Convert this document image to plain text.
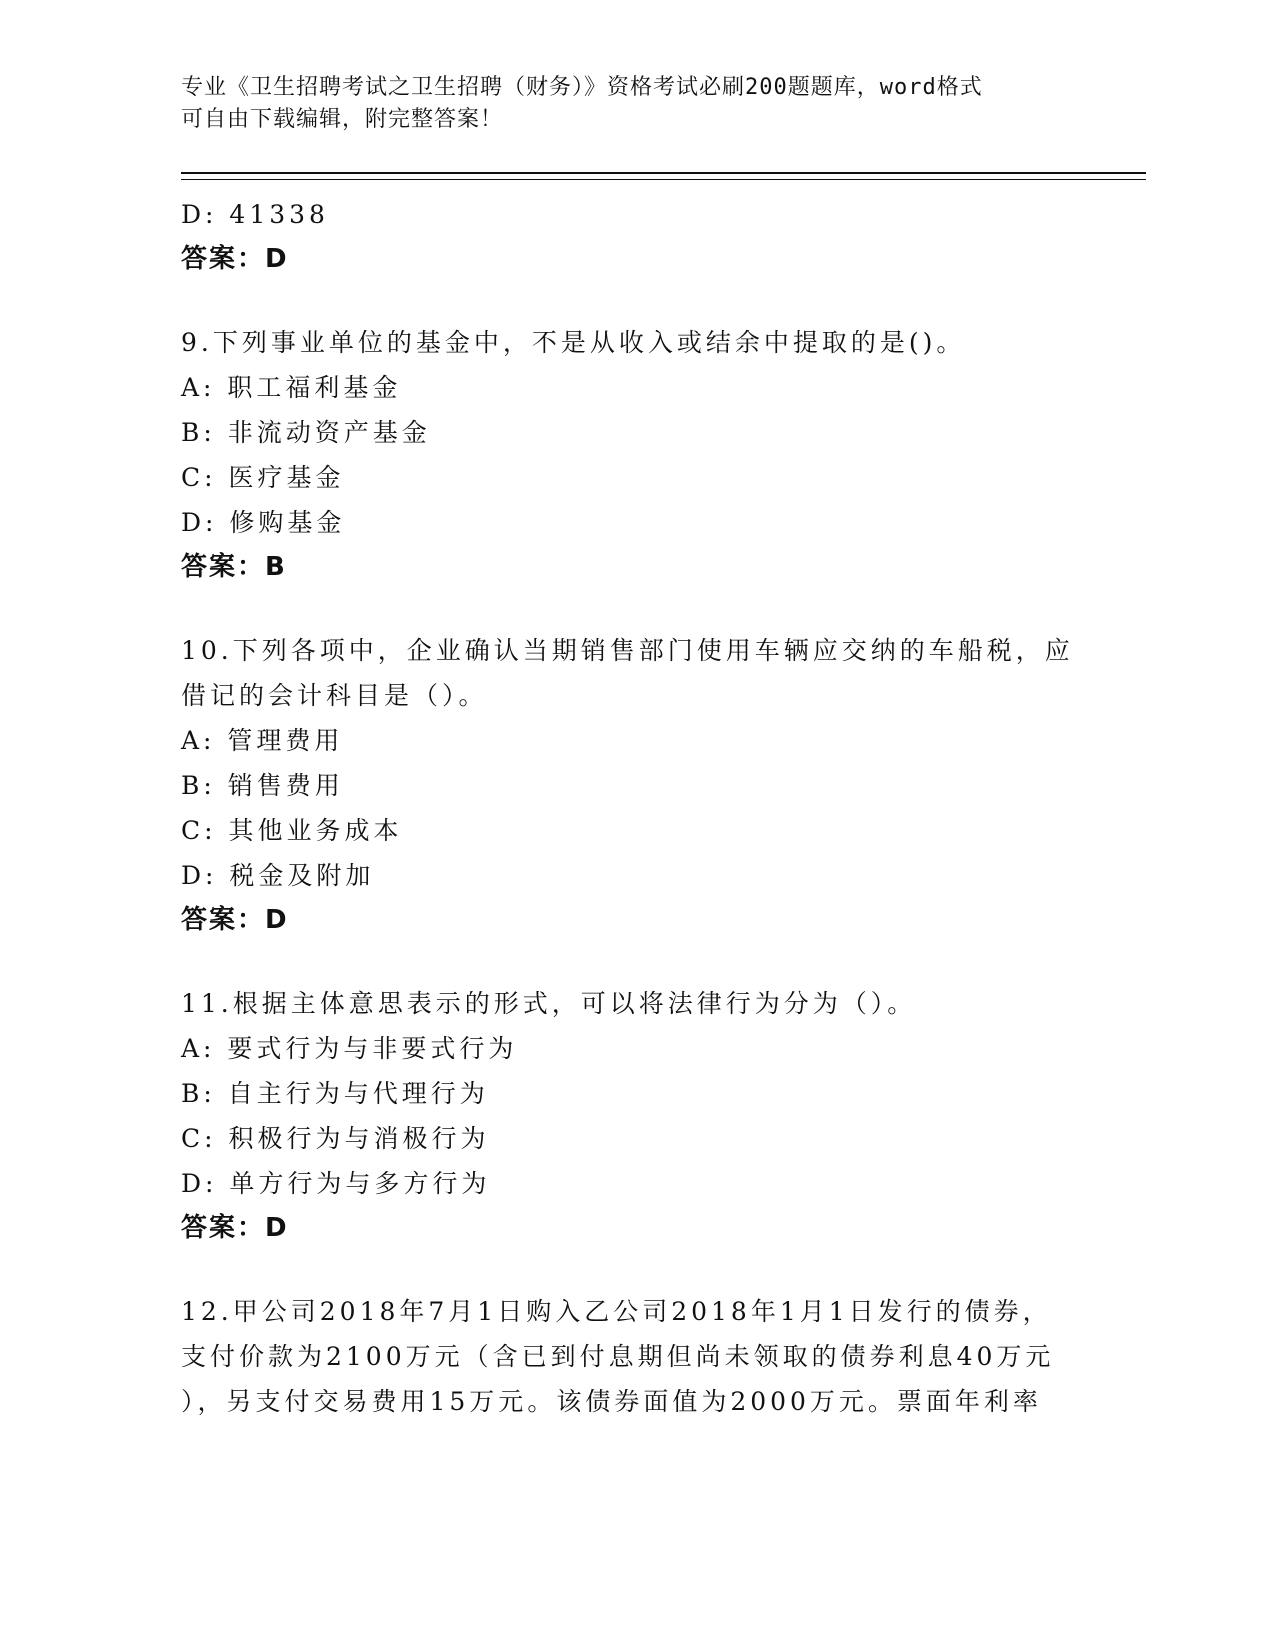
专业《卫生招聘考试之卫生招聘（财务）》资格考试必刷200题题库，word格式
可自由下载编辑，附完整答案！
D: 41338
答案：D
9.下列事业单位的基金中，不是从收入或结余中提取的是()。
A: 职工福利基金
B: 非流动资产基金
C: 医疗基金
D: 修购基金
答案：B
10.下列各项中，企业确认当期销售部门使用车辆应交纳的车船税，应
借记的会计科目是（）。
A: 管理费用
B: 销售费用
C: 其他业务成本
D: 税金及附加
答案：D
11.根据主体意思表示的形式，可以将法律行为分为（）。
A: 要式行为与非要式行为
B: 自主行为与代理行为
C: 积极行为与消极行为
D: 单方行为与多方行为
答案：D
12.甲公司2018年7月1日购入乙公司2018年1月1日发行的债券，
支付价款为2100万元（含已到付息期但尚未领取的债券利息40万元
），另支付交易费用15万元。该债券面值为2000万元。票面年利率
